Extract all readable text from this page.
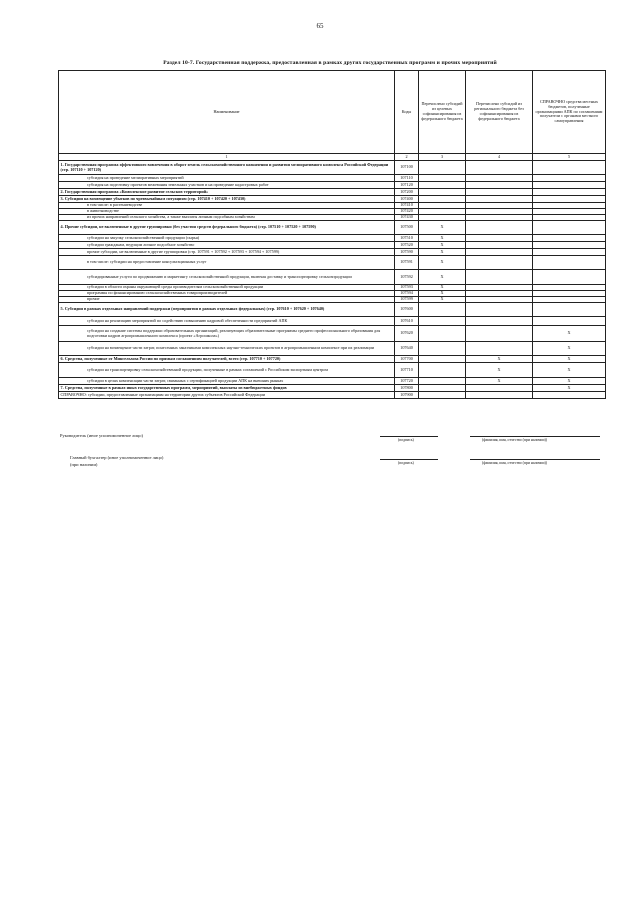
65
Раздел 10-7. Государственная поддержка, предоставленная в рамках других государственных программ и прочих мероприятий
Наименование	Коды	Перечислено субсидий из целевых софинансирования из федерального бюджета	Перечислено субсидий из регионального бюджета без софинансирования из федерального бюджета	СПРАВОЧНО средства местных бюджетов, полученные организациями АПК по соглашениям получатели с органами местного самоуправления
1	2	3	4	5
1. Государственная программа эффективного вовлечения в оборот земель сельскохозяйственного назначения и развития мелиоративного комплекса Российской Федерации (стр. 107110 + 107120)	107100			
субсидия на проведение мелиоративных мероприятий	107110			
субсидия на подготовку проектов межевания земельных участков и на проведение кадастровых работ	107120			
2. Государственная программа «Комплексное развитие сельских территорий»	107200			
3. Субсидии на возмещение убытков по чрезвычайным ситуациям (стр. 107410 + 107420 + 107430)	107400			
в том числе: в растениеводстве	107410			
в животноводстве	107420			
из прочих направлений сельского хозяйства, а также выплаты личным подсобным хозяйствам	107430			
4. Прочие субсидии, не включенные в другие группировки (без участия средств федерального бюджета) (стр. 107510 + 107520 + 107590)	107500	X		
субсидии на закупку сельскохозяйственной продукции (сырья)	107510	X		
субсидии гражданам, ведущим личное подсобное хозяйство	107520	X		
прочие субсидии, не включенные в другие группировки (стр. 107591 + 107592 + 107593 + 107594 + 107599)	107590	X		
в том числе: субсидии на предоставление консультационных услуг	107591	X		
субсидированные услуги по продвижению и маркетингу сельскохозяйственной продукции, включая доставку и транспортировку сельхозпродукции	107592	X		
субсидии в области охраны окружающей среды производителям сельскохозяйственной продукции	107593	X		
программы по финансированию сельскохозяйственных товаропроизводителей	107594	X		
прочие	107599	X		
5. Субсидии в рамках отдельных направлений поддержки (мероприятия в рамках отдельных федеральных) (стр. 107610 + 107620 + 107640)	107600			
субсидии на реализацию мероприятий по содействию повышению кадровой обеспеченности предприятий АПК	107610			
субсидии на создание системы поддержки образовательных организаций, реализующих образовательные программы среднего профессионального образования для подготовки кадров агропромышленного комплекса (проект «Агрошкола»)	107620			X
субсидии на возмещение части затрат, понесенных заказчиками комплексных научно-технических проектов в агропромышленном комплексе при их реализации	107640			X
6. Средства, полученные от Минсельхоза России по прямым соглашениям получателей, всего (стр. 107710 + 107720)	107700		X	X
субсидии на транспортировку сельскохозяйственной продукции, полученные в рамках соглашений с Российским экспортным центром	107710		X	X
субсидии в целях компенсации части затрат, связанных с сертификацией продукции АПК на внешних рынках	107720		X	X
7. Средства, полученные в рамках иных государственных программ, мероприятий, выплаты из внебюджетных фондов	107800			X
СПРАВОЧНО: субсидии, предоставленные организациям на территории других субъектов Российской Федерации	107900			
Руководитель (иное уполномоченное лицо)
(подпись)	(фамилия, имя, отчество (при наличии))
Главный бухгалтер (иное уполномоченное лицо)
(при наличии)	(подпись)	(фамилия, имя, отчество (при наличии))
